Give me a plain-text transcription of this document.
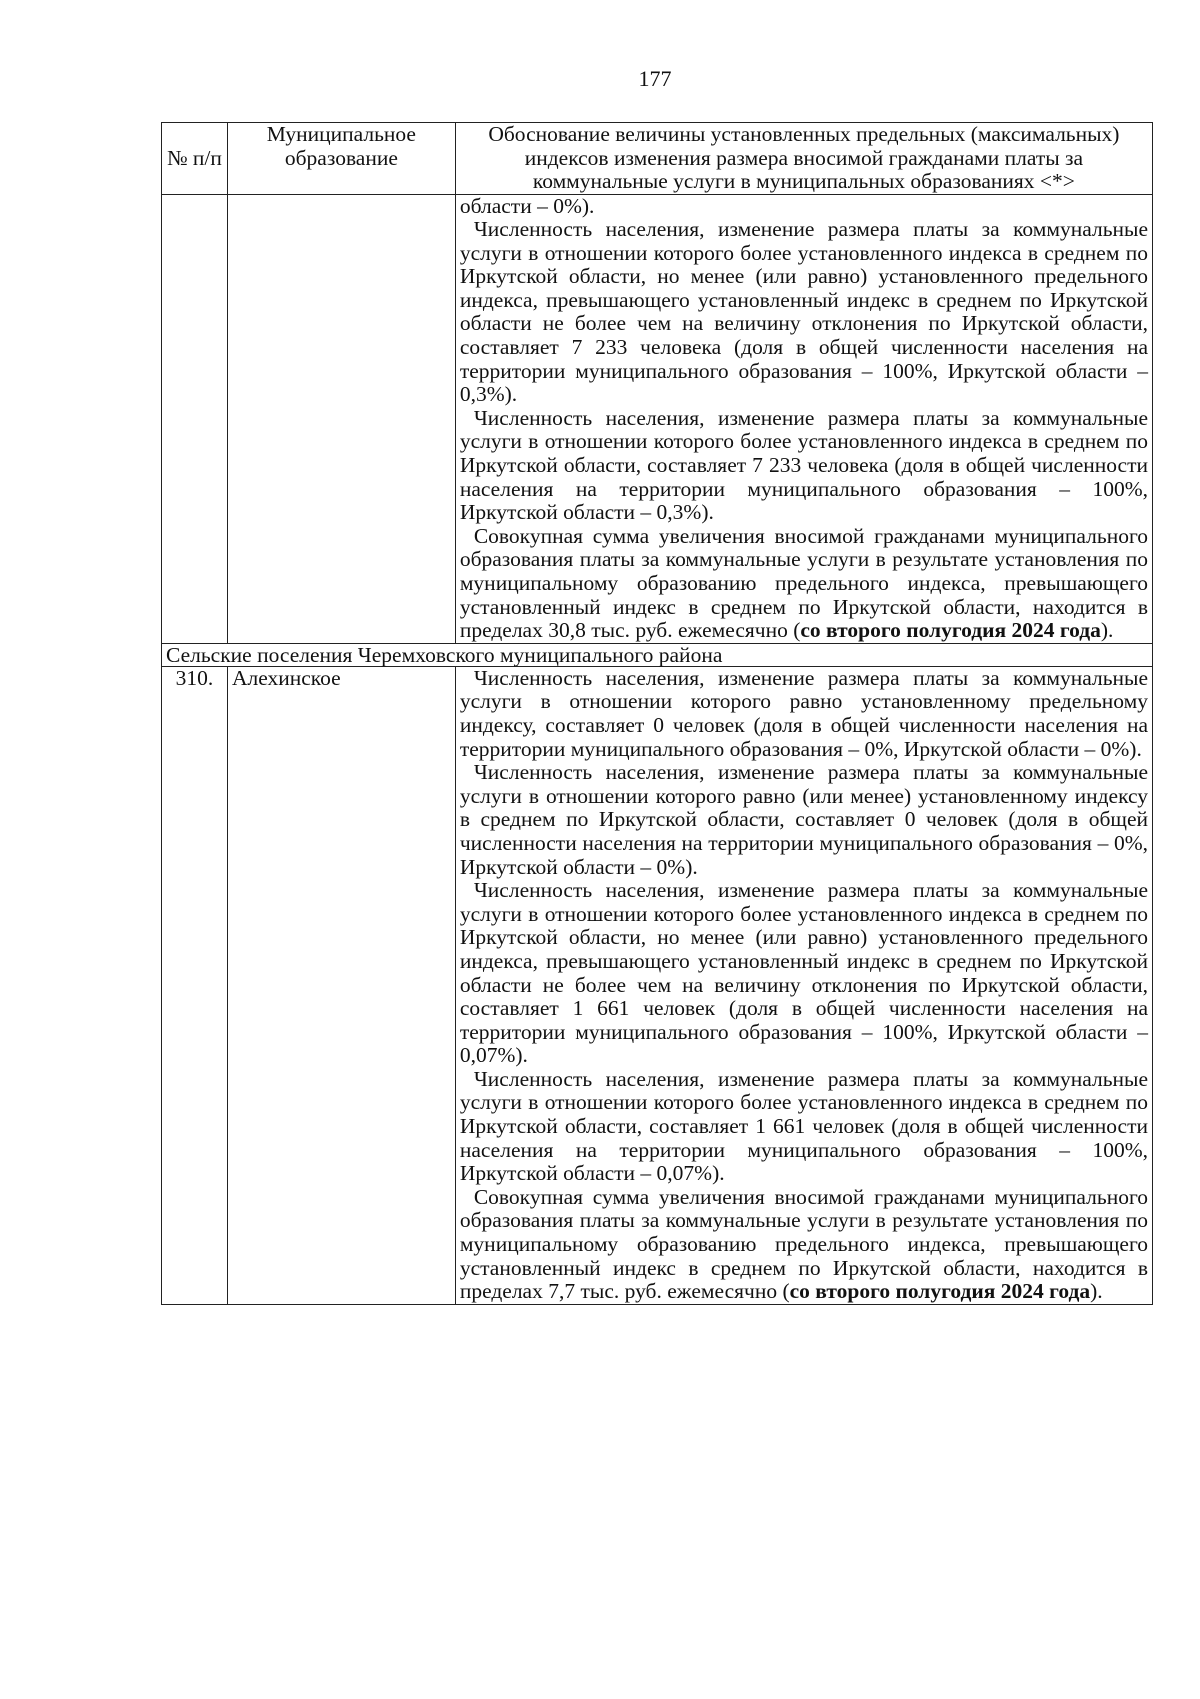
177
№ п/п	Муниципальное образование	Обоснование величины установленных предельных (максимальных) индексов изменения размера вносимой гражданами платы за коммунальные услуги в муниципальных образованиях <*>

		области – 0%).

Численность населения, изменение размера платы за коммунальные услуги в отношении которого более установленного индекса в среднем по Иркутской области, но менее (или равно) установленного предельного индекса, превышающего установленный индекс в среднем по Иркутской области не более чем на величину отклонения по Иркутской области, составляет 7 233 человека (доля в общей численности населения на территории муниципального образования – 100%, Иркутской области – 0,3%).

Численность населения, изменение размера платы за коммунальные услуги в отношении которого более установленного индекса в среднем по Иркутской области, составляет 7 233 человека (доля в общей численности населения на территории муниципального образования – 100%, Иркутской области – 0,3%).

Совокупная сумма увеличения вносимой гражданами муниципального образования платы за коммунальные услуги в результате установления по муниципальному образованию предельного индекса, превышающего установленный индекс в среднем по Иркутской области, находится в пределах 30,8 тыс. руб. ежемесячно (со второго полугодия 2024 года).

Сельские поселения Черемховского муниципального района		
310.	Алехинское	Численность населения, изменение размера платы за коммунальные услуги в отношении которого равно установленному предельному индексу, составляет 0 человек (доля в общей численности населения на территории муниципального образования – 0%, Иркутской области – 0%).

Численность населения, изменение размера платы за коммунальные услуги в отношении которого равно (или менее) установленному индексу в среднем по Иркутской области, составляет 0 человек (доля в общей численности населения на территории муниципального образования – 0%, Иркутской области – 0%).

Численность населения, изменение размера платы за коммунальные услуги в отношении которого более установленного индекса в среднем по Иркутской области, но менее (или равно) установленного предельного индекса, превышающего установленный индекс в среднем по Иркутской области не более чем на величину отклонения по Иркутской области, составляет 1 661 человек (доля в общей численности населения на территории муниципального образования – 100%, Иркутской области – 0,07%).

Численность населения, изменение размера платы за коммунальные услуги в отношении которого более установленного индекса в среднем по Иркутской области, составляет 1 661 человек (доля в общей численности населения на территории муниципального образования – 100%, Иркутской области – 0,07%).

Совокупная сумма увеличения вносимой гражданами муниципального образования платы за коммунальные услуги в результате установления по муниципальному образованию предельного индекса, превышающего установленный индекс в среднем по Иркутской области, находится в пределах 7,7 тыс. руб. ежемесячно (со второго полугодия 2024 года).
